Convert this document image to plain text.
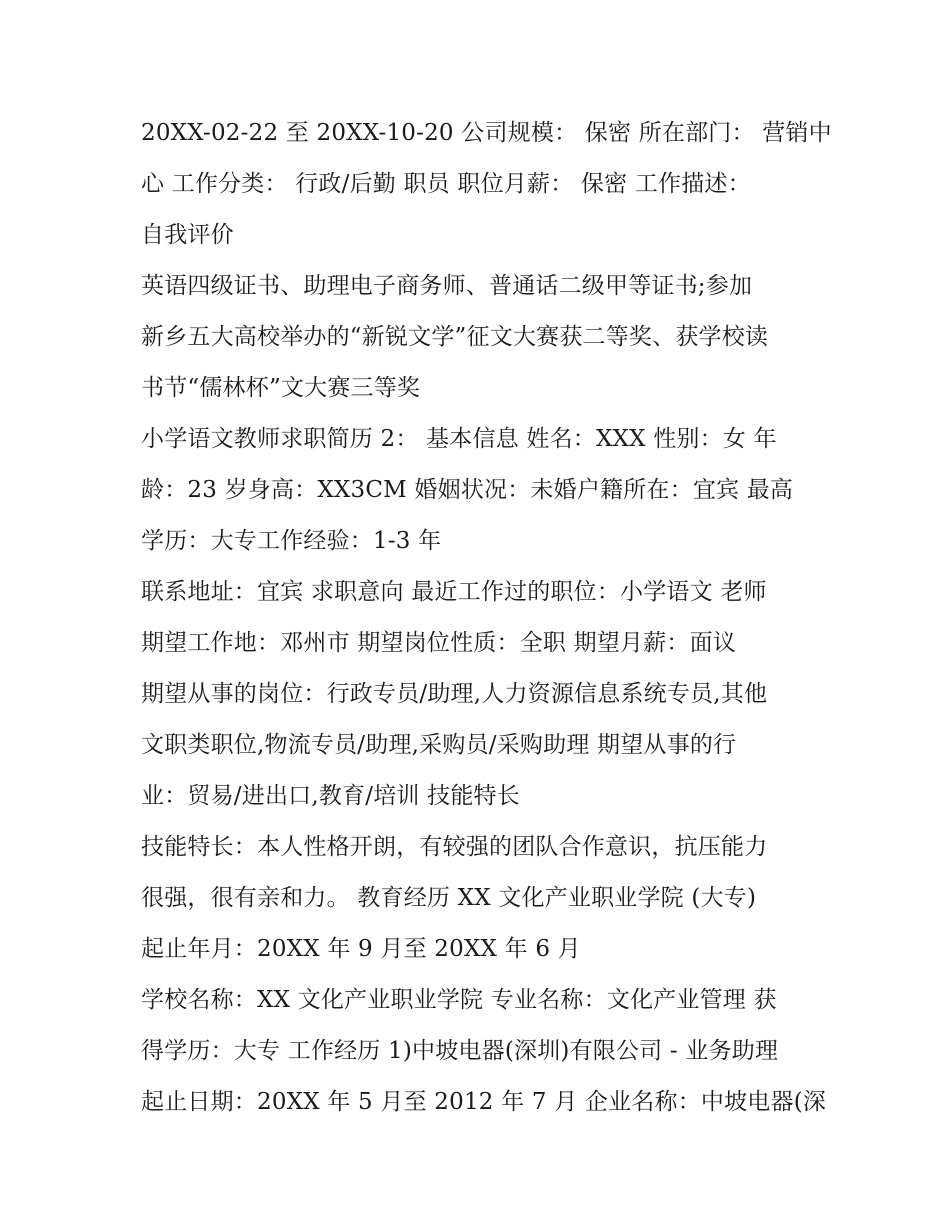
20XX-02-22 至 20XX-10-20 公司规模： 保密 所在部门： 营销中
心 工作分类： 行政/后勤 职员 职位月薪： 保密 工作描述：
自我评价
英语四级证书、助理电子商务师、普通话二级甲等证书;参加
新乡五大高校举办的“新锐文学”征文大赛获二等奖、获学校读
书节“儒林杯”文大赛三等奖
小学语文教师求职简历 2： 基本信息 姓名：XXX 性别：女 年
龄：23 岁身高：XX3CM 婚姻状况：未婚户籍所在：宜宾 最高
学历：大专工作经验：1-3 年
联系地址：宜宾 求职意向 最近工作过的职位：小学语文 老师
期望工作地：邓州市 期望岗位性质：全职 期望月薪：面议
期望从事的岗位：行政专员/助理,人力资源信息系统专员,其他
文职类职位,物流专员/助理,采购员/采购助理 期望从事的行
业：贸易/进出口,教育/培训 技能特长
技能特长：本人性格开朗，有较强的团队合作意识，抗压能力
很强，很有亲和力。 教育经历 XX 文化产业职业学院 (大专)
起止年月：20XX 年 9 月至 20XX 年 6 月
学校名称：XX 文化产业职业学院 专业名称：文化产业管理 获
得学历：大专 工作经历 1)中坡电器(深圳)有限公司 - 业务助理
起止日期：20XX 年 5 月至 2012 年 7 月 企业名称：中坡电器(深
